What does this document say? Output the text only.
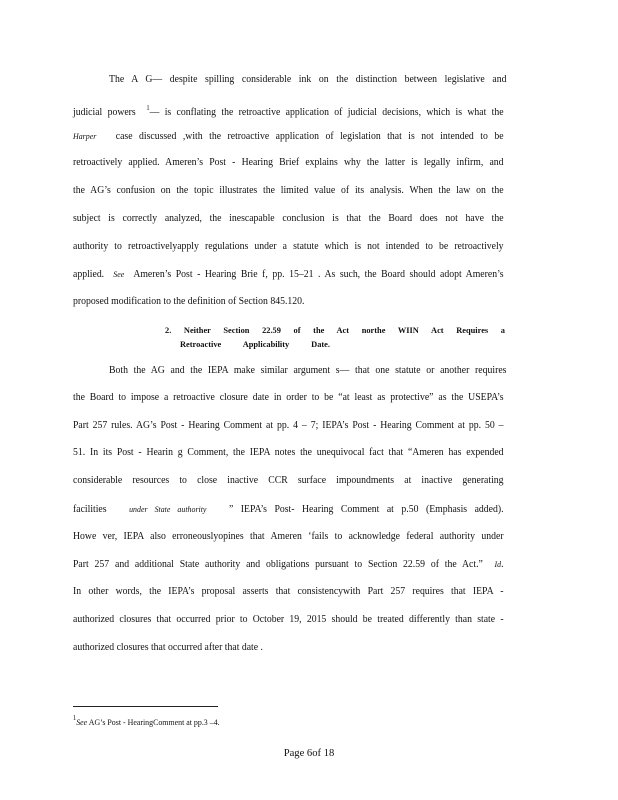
The A G— despite spilling considerable ink on the distinction between legislative and
judicial powers $^1$— is conflating the retroactive application of judicial decisions, which is what the
Harper case discussed ,with the retroactive application of legislation that is not intended to be
retroactively applied. Ameren’s Post - Hearing Brief explains why the latter is legally infirm, and
the AG’s confusion on the topic illustrates the limited value of its analysis. When the law on the
subject is correctly analyzed, the inescapable conclusion is that the Board does not have the
authority to retroactivelyapply regulations under a statute which is not intended to be retroactively
applied. See Ameren’s Post - Hearing Brie f, pp. 15–21 . As such, the Board should adopt Ameren’s
proposed modification to the definition of Section 845.120.
2. Neither Section 22.59 of the Act northe WIIN Act Requires a
Retroactive Applicability Date.
Both the AG and the IEPA make similar argument s— that one statute or another requires
the Board to impose a retroactive closure date in order to be “at least as protective” as the USEPA’s
Part 257 rules. AG’s Post - Hearing Comment at pp. 4 – 7; IEPA’s Post - Hearing Comment at pp. 50 –
51. In its Post - Hearin g Comment, the IEPA notes the unequivocal fact that “Ameren has expended
considerable resources to close inactive CCR surface impoundments at inactive generating
facilities	under State authority ” IEPA’s Post- Hearing Comment at p.50 (Emphasis added).
Howe ver, IEPA also erroneouslyopines that Ameren ‘fails to acknowledge federal authority under
Part 257 and additional State authority and obligations pursuant to Section 22.59 of the Act.” Id.
In other words, the IEPA’s proposal asserts that consistencywith Part 257 requires that IEPA -
authorized closures that occurred prior to October 19, 2015 should be treated differently than state -
authorized closures that occurred after that date .
$^1$See AG’s Post - HearingComment at pp.3 –4.
Page 6of 18
